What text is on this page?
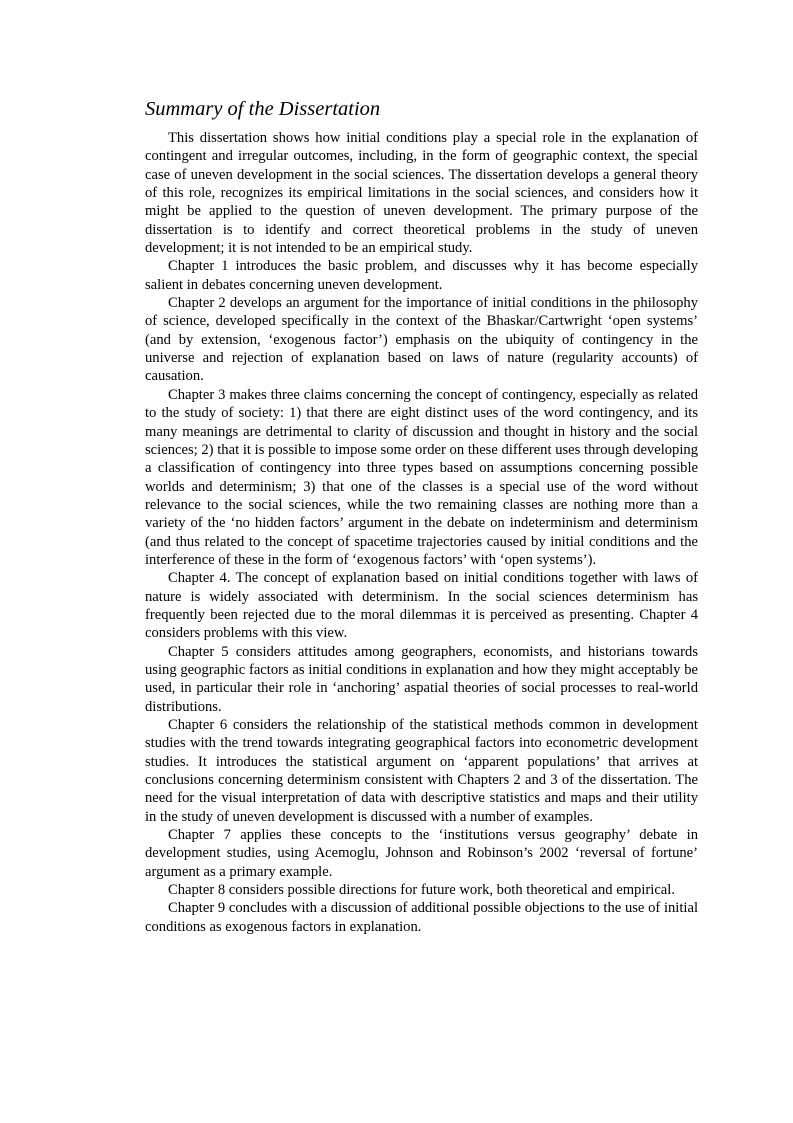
Summary of the Dissertation

This dissertation shows how initial conditions play a special role in the explanation of contingent and irregular outcomes, including, in the form of geographic context, the special case of uneven development in the social sciences. The dissertation develops a general theory of this role, recognizes its empirical limitations in the social sciences, and considers how it might be applied to the question of uneven development. The primary purpose of the dissertation is to identify and correct theoretical problems in the study of uneven development; it is not intended to be an empirical study.

Chapter 1 introduces the basic problem, and discusses why it has become especially salient in debates concerning uneven development.

Chapter 2 develops an argument for the importance of initial conditions in the philosophy of science, developed specifically in the context of the Bhaskar/Cartwright ‘open systems’ (and by extension, ‘exogenous factor’) emphasis on the ubiquity of contingency in the universe and rejection of explanation based on laws of nature (regularity accounts) of causation.

Chapter 3 makes three claims concerning the concept of contingency, especially as related to the study of society: 1) that there are eight distinct uses of the word contingency, and its many meanings are detrimental to clarity of discussion and thought in history and the social sciences; 2) that it is possible to impose some order on these different uses through developing a classification of contingency into three types based on assumptions concerning possible worlds and determinism; 3) that one of the classes is a special use of the word without relevance to the social sciences, while the two remaining classes are nothing more than a variety of the ‘no hidden factors’ argument in the debate on indeterminism and determinism (and thus related to the concept of spacetime trajectories caused by initial conditions and the interference of these in the form of ‘exogenous factors’ with ‘open systems’).

Chapter 4. The concept of explanation based on initial conditions together with laws of nature is widely associated with determinism. In the social sciences determinism has frequently been rejected due to the moral dilemmas it is perceived as presenting. Chapter 4 considers problems with this view.

Chapter 5 considers attitudes among geographers, economists, and historians towards using geographic factors as initial conditions in explanation and how they might acceptably be used, in particular their role in ‘anchoring’ aspatial theories of social processes to real-world distributions.

Chapter 6 considers the relationship of the statistical methods common in development studies with the trend towards integrating geographical factors into econometric development studies. It introduces the statistical argument on ‘apparent populations’ that arrives at conclusions concerning determinism consistent with Chapters 2 and 3 of the dissertation. The need for the visual interpretation of data with descriptive statistics and maps and their utility in the study of uneven development is discussed with a number of examples.

Chapter 7 applies these concepts to the ‘institutions versus geography’ debate in development studies, using Acemoglu, Johnson and Robinson’s 2002 ‘reversal of fortune’ argument as a primary example.

Chapter 8 considers possible directions for future work, both theoretical and empirical.

Chapter 9 concludes with a discussion of additional possible objections to the use of initial conditions as exogenous factors in explanation.
